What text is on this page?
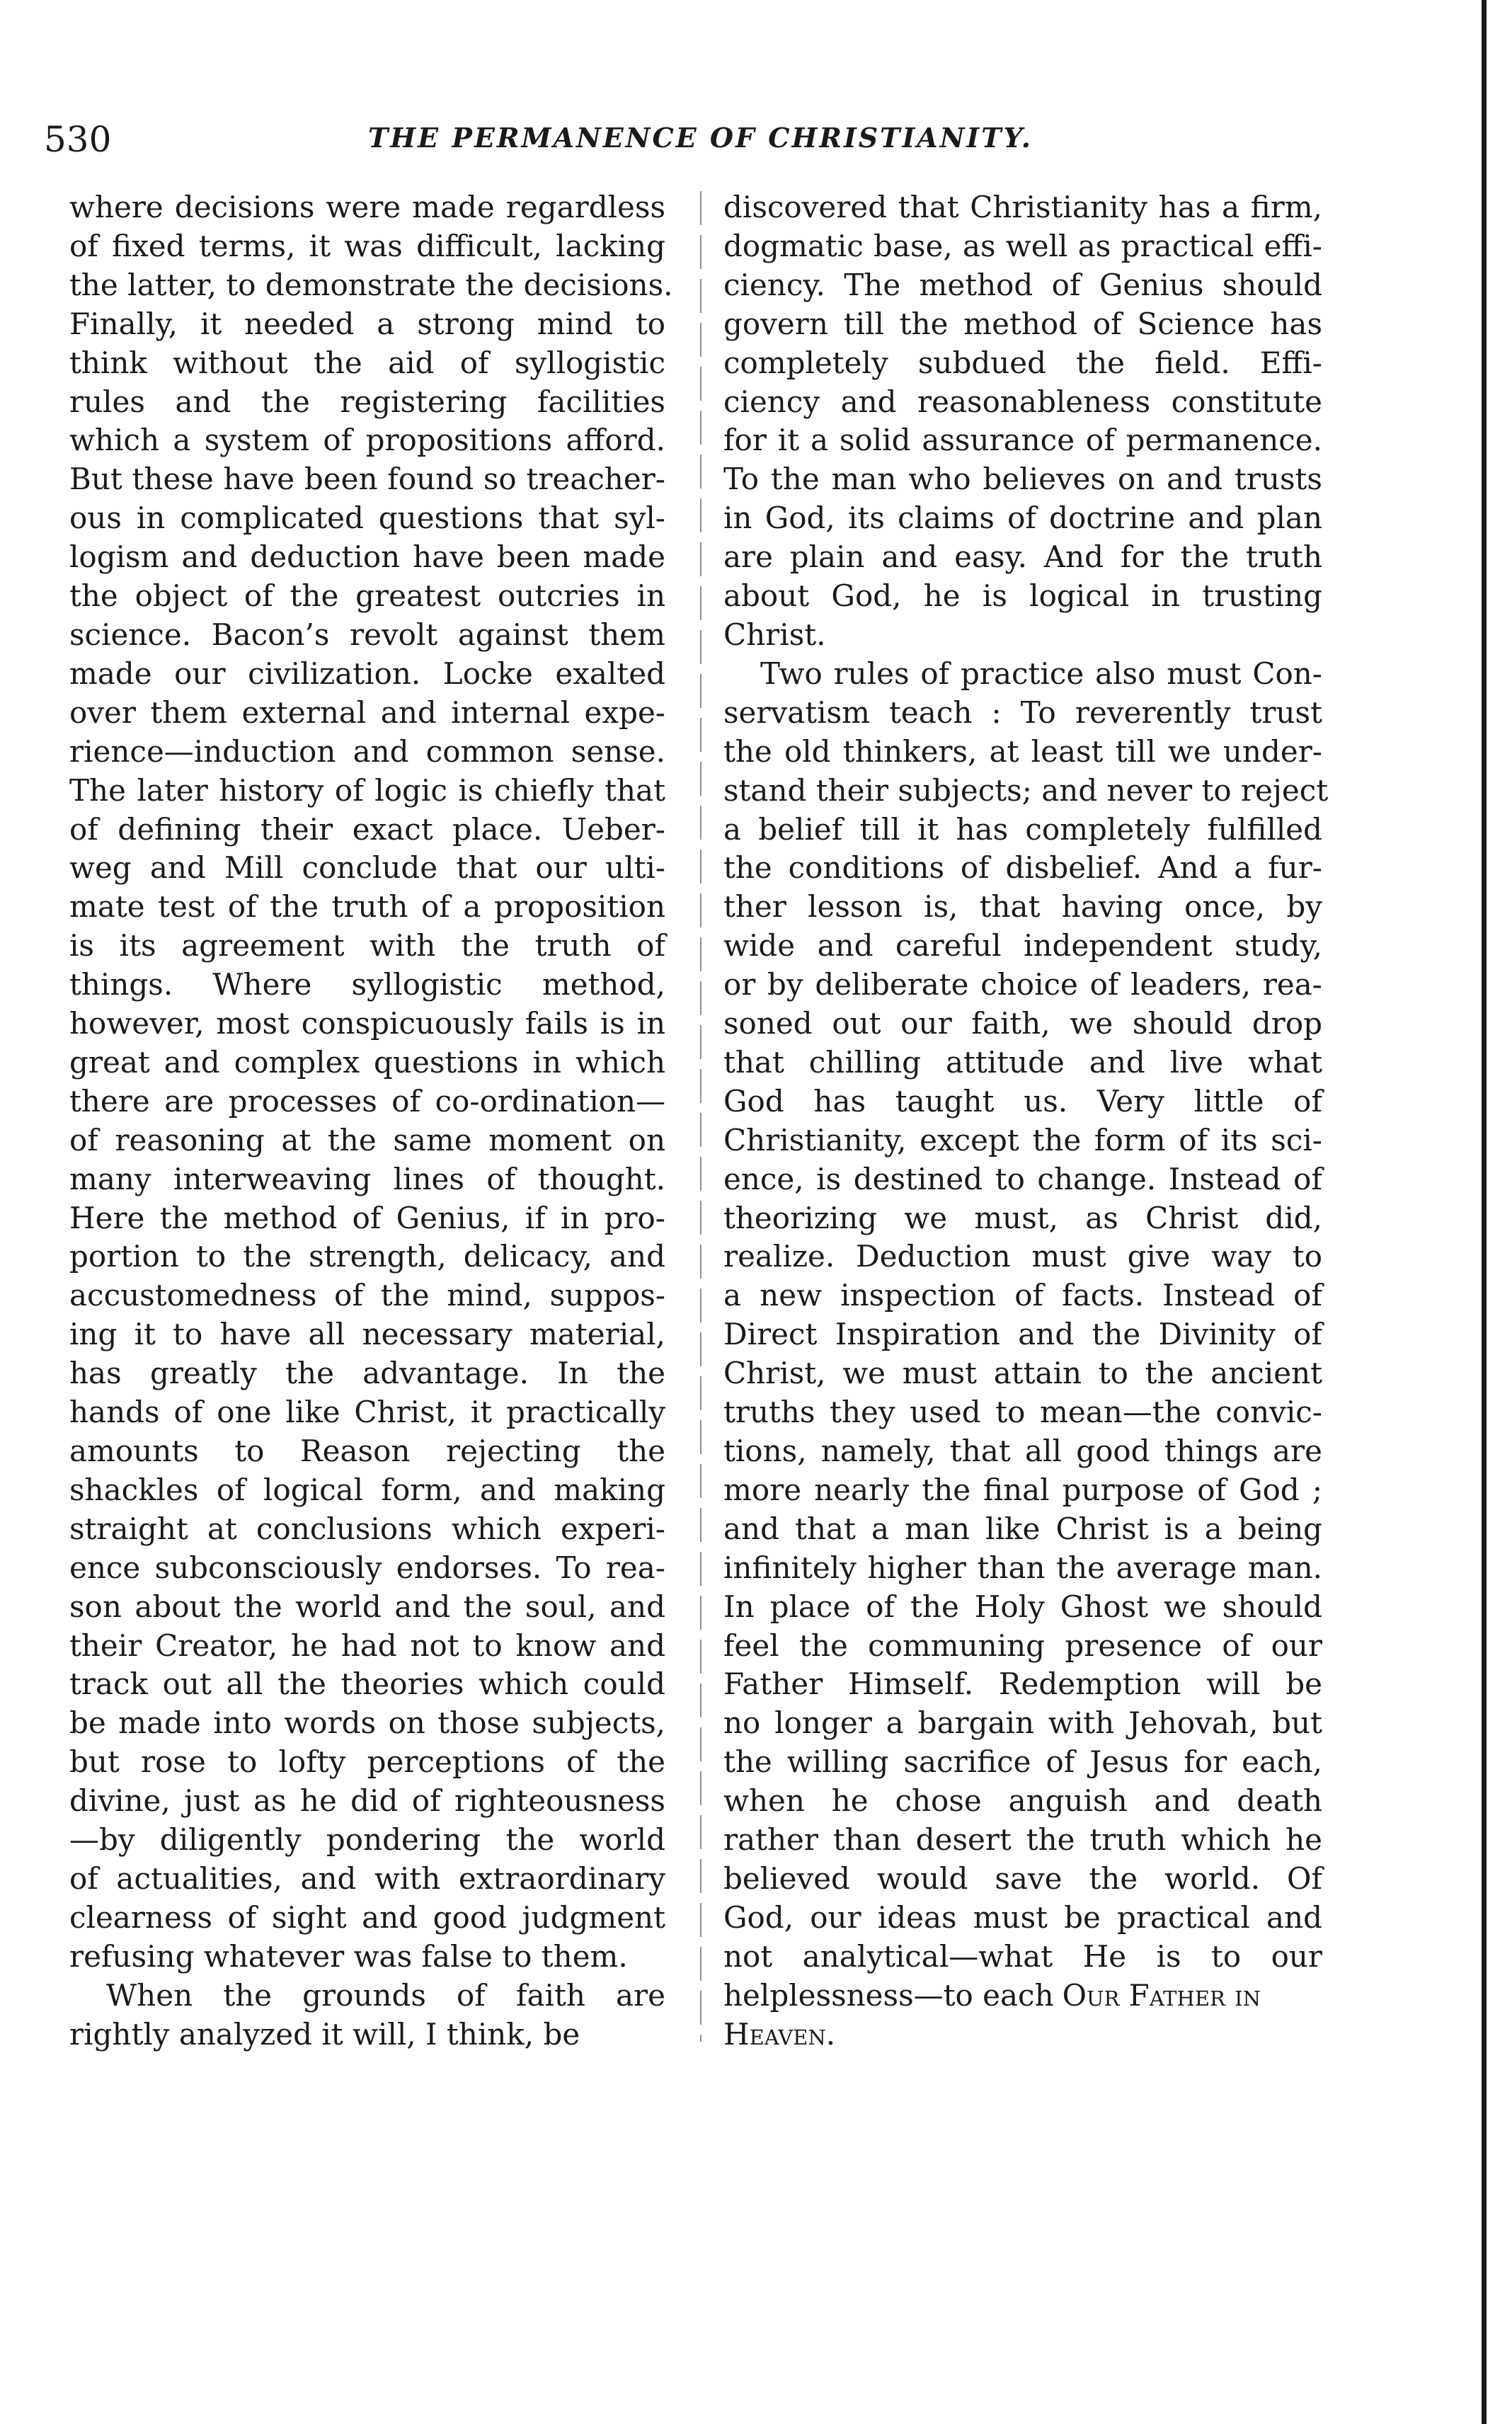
530	THE PERMANENCE OF CHRISTIANITY.
where decisions were made regardless
of fixed terms, it was difficult, lacking
the latter, to demonstrate the decisions.
Finally, it needed a strong mind to
think without the aid of syllogistic
rules and the registering facilities
which a system of propositions afford.
But these have been found so treacher-
ous in complicated questions that syl-
logism and deduction have been made
the object of the greatest outcries in
science. Bacon’s revolt against them
made our civilization. Locke exalted
over them external and internal expe-
rience—induction and common sense.
The later history of logic is chiefly that
of defining their exact place. Ueber-
weg and Mill conclude that our ulti-
mate test of the truth of a proposition
is its agreement with the truth of
things. Where syllogistic method,
however, most conspicuously fails is in
great and complex questions in which
there are processes of co-ordination—
of reasoning at the same moment on
many interweaving lines of thought.
Here the method of Genius, if in pro-
portion to the strength, delicacy, and
accustomedness of the mind, suppos-
ing it to have all necessary material,
has greatly the advantage. In the
hands of one like Christ, it practically
amounts to Reason rejecting the
shackles of logical form, and making
straight at conclusions which experi-
ence subconsciously endorses. To rea-
son about the world and the soul, and
their Creator, he had not to know and
track out all the theories which could
be made into words on those subjects,
but rose to lofty perceptions of the
divine, just as he did of righteousness
—by diligently pondering the world
of actualities, and with extraordinary
clearness of sight and good judgment
refusing whatever was false to them.
When the grounds of faith are
rightly analyzed it will, I think, be
discovered that Christianity has a firm,
dogmatic base, as well as practical effi-
ciency. The method of Genius should
govern till the method of Science has
completely subdued the field. Effi-
ciency and reasonableness constitute
for it a solid assurance of permanence.
To the man who believes on and trusts
in God, its claims of doctrine and plan
are plain and easy. And for the truth
about God, he is logical in trusting
Christ.
Two rules of practice also must Con-
servatism teach : To reverently trust
the old thinkers, at least till we under-
stand their subjects; and never to reject
a belief till it has completely fulfilled
the conditions of disbelief. And a fur-
ther lesson is, that having once, by
wide and careful independent study,
or by deliberate choice of leaders, rea-
soned out our faith, we should drop
that chilling attitude and live what
God has taught us. Very little of
Christianity, except the form of its sci-
ence, is destined to change. Instead of
theorizing we must, as Christ did,
realize. Deduction must give way to
a new inspection of facts. Instead of
Direct Inspiration and the Divinity of
Christ, we must attain to the ancient
truths they used to mean—the convic-
tions, namely, that all good things are
more nearly the final purpose of God ;
and that a man like Christ is a being
infinitely higher than the average man.
In place of the Holy Ghost we should
feel the communing presence of our
Father Himself. Redemption will be
no longer a bargain with Jehovah, but
the willing sacrifice of Jesus for each,
when he chose anguish and death
rather than desert the truth which he
believed would save the world. Of
God, our ideas must be practical and
not analytical—what He is to our
helplessness—to each Our Father in
Heaven.
